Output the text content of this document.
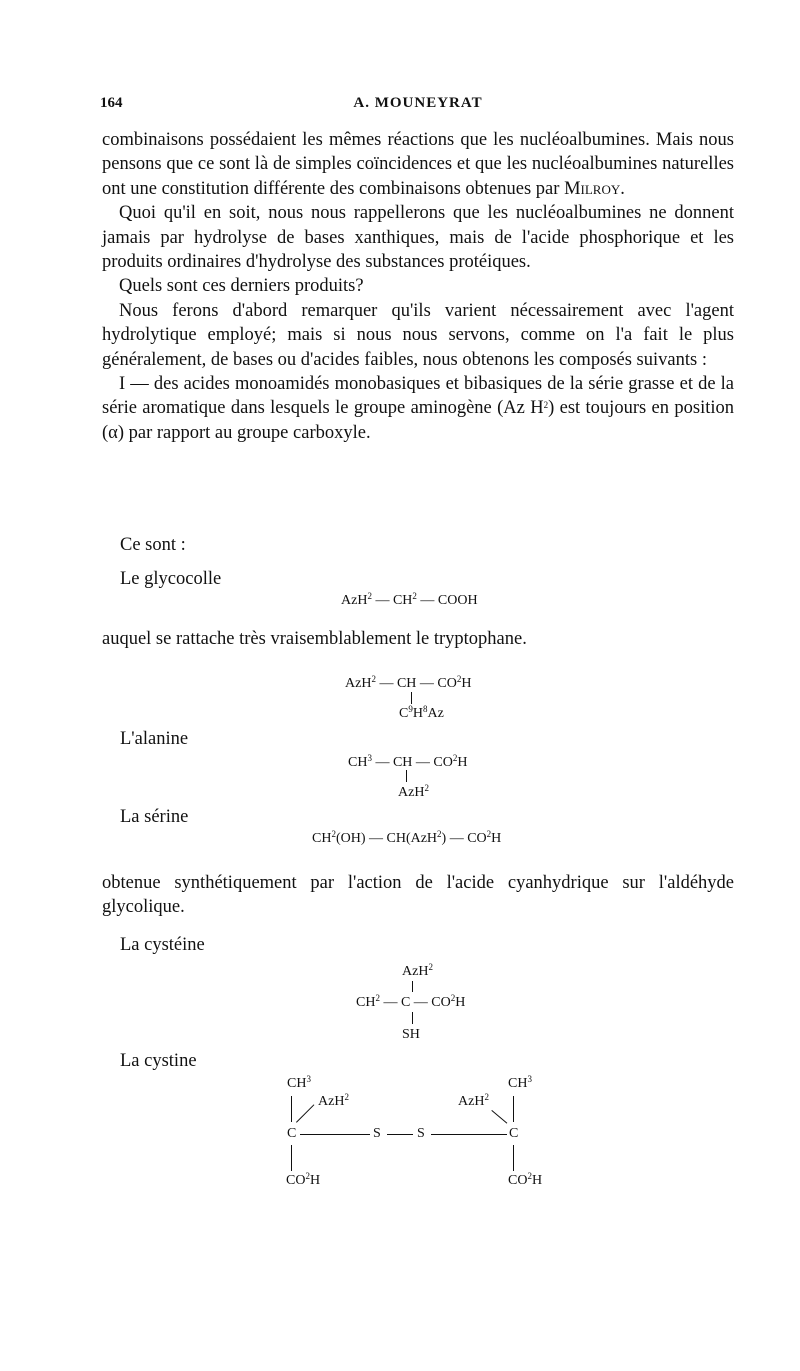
164	A. MOUNEYRAT

combinaisons possédaient les mêmes réactions que les nucléoalbumines. Mais nous pensons que ce sont là de simples coïncidences et que les nucléoalbumines naturelles ont une constitution différente des combinaisons obtenues par Milroy.

Quoi qu'il en soit, nous nous rappellerons que les nucléoalbumines ne donnent jamais par hydrolyse de bases xanthiques, mais de l'acide phosphorique et les produits ordinaires d'hydrolyse des substances protéiques.

Quels sont ces derniers produits?

Nous ferons d'abord remarquer qu'ils varient nécessairement avec l'agent hydrolytique employé; mais si nous nous servons, comme on l'a fait le plus généralement, de bases ou d'acides faibles, nous obtenons les composés suivants :

I — des acides monoamidés monobasiques et bibasiques de la série grasse et de la série aromatique dans lesquels le groupe aminogène (Az $H^2$) est toujours en position (α) par rapport au groupe carboxyle.

Ce sont :
Le glycocolle
AzH$^2$ — $CH^2$ — COOH
auquel se rattache très vraisemblablement le tryptophane.
AzH$^2$ — CH — $CO^2H$
$C^9H^8Az$
L'alanine
$CH^3$ — CH — $CO^2H$
AzH$^2$
La sérine
$CH^2(OH)$ — CH(AzH$^2$) — $CO^2H$
obtenue synthétiquement par l'action de l'acide cyanhydrique sur l'aldéhyde glycolique.
La cystéine
AzH$^2$
$CH^2$ — C — $CO^2H$
SH
La cystine
$CH^3$	$CH^3$
AzH$^2$	AzH$^2$
C	S	S	C
$CO^2H$	$CO^2H$
